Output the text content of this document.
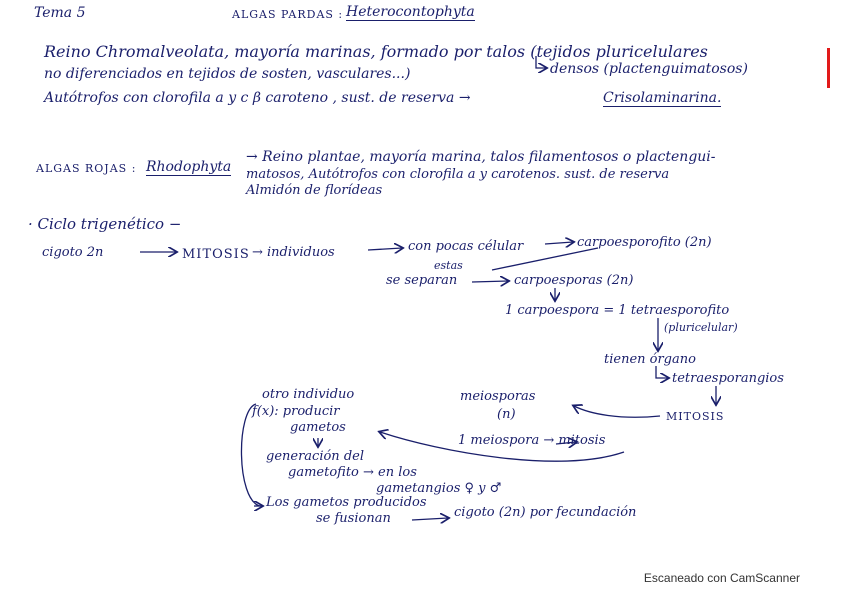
Tema 5	ALGAS PARDAS : Heterocontophyta
Reino Chromalveolata, mayoría marinas, formado por talos (tejidos pluricelulares
no diferenciados en tejidos de sosten, vasculares...)	densos (plactenguimatosos)
Autótrofos con clorofila a y c β caroteno , sust. de reserva →	Crisolaminarina.
ALGAS ROJAS : Rhodophyta
→ Reino plantae, mayoría marina, talos filamentosos o plactengui-
matosos, Autótrofos con clorofila a y carotenos. sust. de reserva
Almidón de florídeas
· Ciclo trigenético −
cigoto 2n	MITOSIS → individuos	con pocas célular	carpoesporofito (2n)
estas
se separan	carpoesporas (2n)
1 carpoespora = 1 tetraesporofito
(pluricelular)
tienen órgano
tetraesporangios
MITOSIS
meiosporas
(n)
1 meiospora → mitosis
otro individuo
f(x): producir
gametos
generación del
gametofito → en los
gametangios ♀ y ♂
Los gametos producidos
se fusionan	cigoto (2n) por fecundación
Escaneado con CamScanner
